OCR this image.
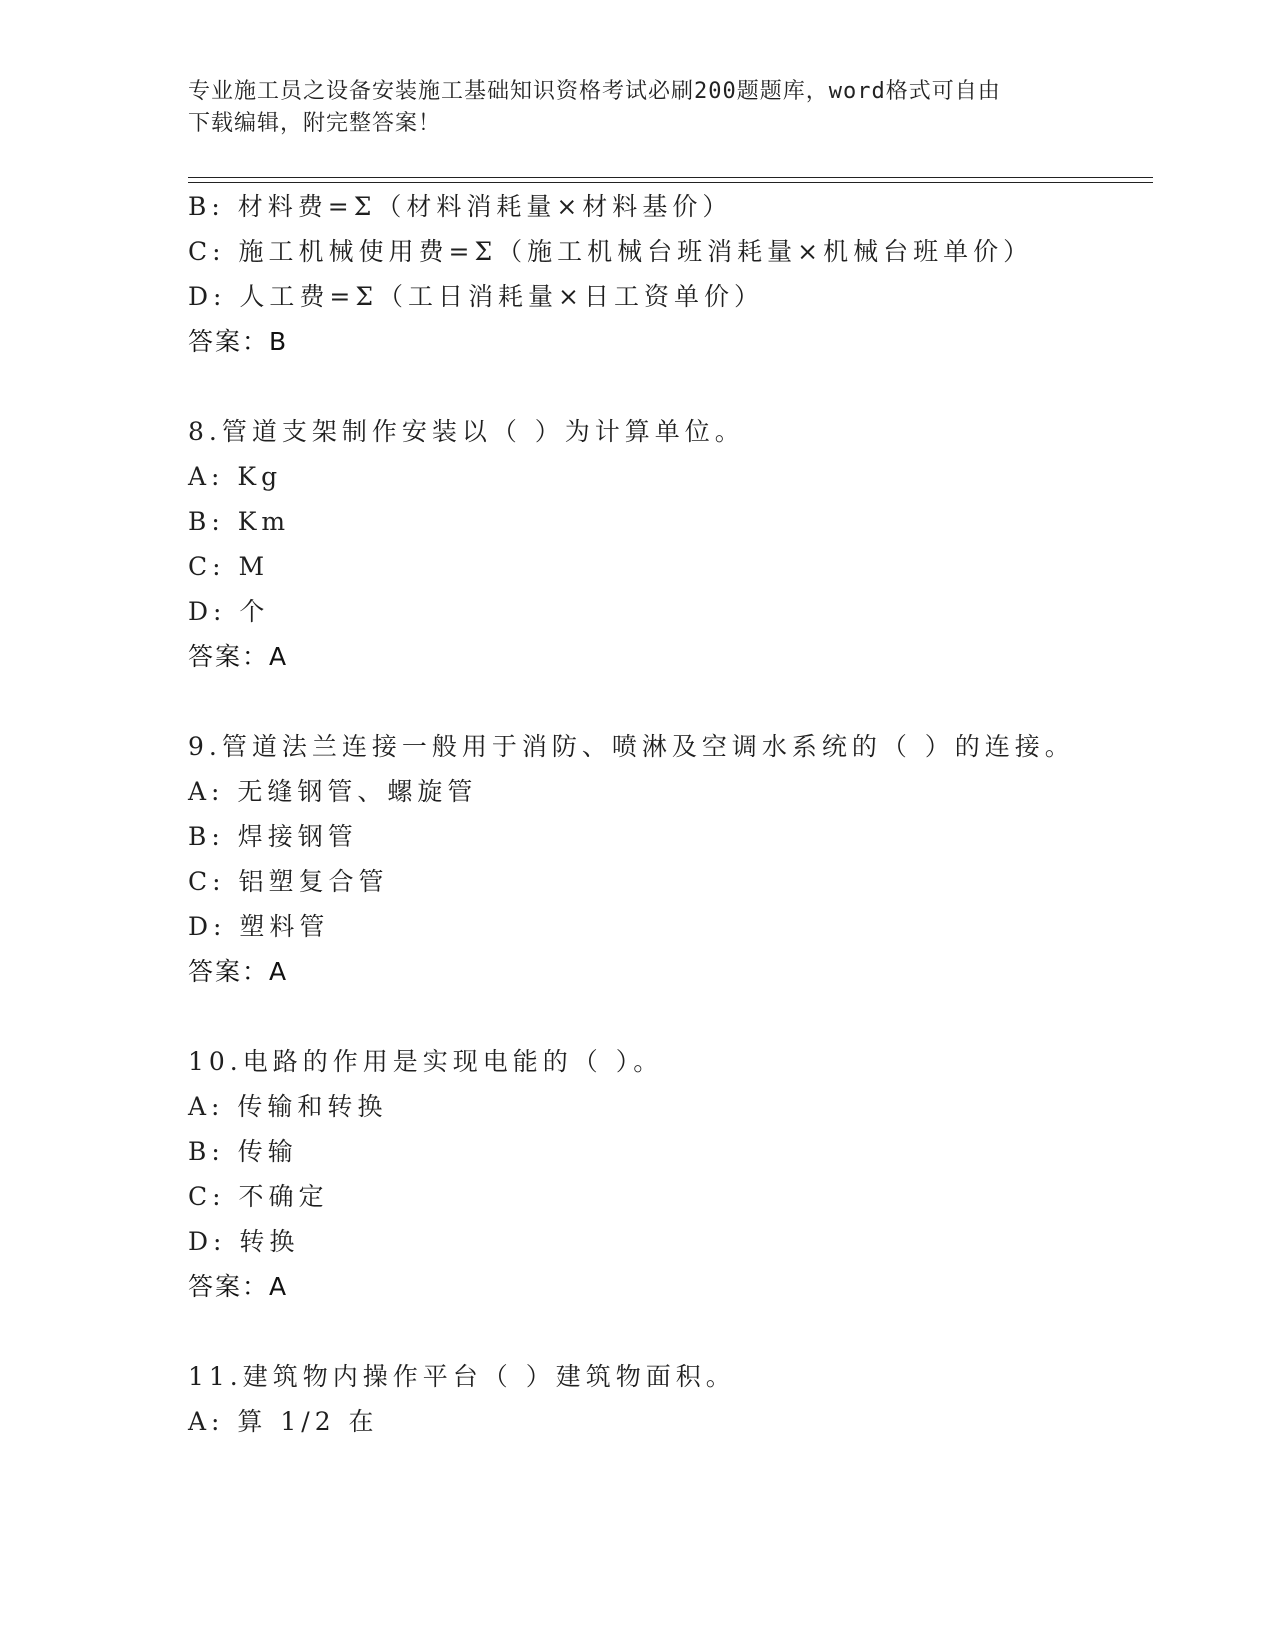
专业施工员之设备安装施工基础知识资格考试必刷200题题库，word格式可自由
下载编辑，附完整答案！
B: 材料费=Σ（材料消耗量×材料基价）
C: 施工机械使用费=Σ（施工机械台班消耗量×机械台班单价）
D: 人工费=Σ（工日消耗量×日工资单价）
答案：B
8.管道支架制作安装以（ ）为计算单位。
A: Kg
B: Km
C: M
D: 个
答案：A
9.管道法兰连接一般用于消防、喷淋及空调水系统的（ ）的连接。
A: 无缝钢管、螺旋管
B: 焊接钢管
C: 铝塑复合管
D: 塑料管
答案：A
10.电路的作用是实现电能的（ ）。
A: 传输和转换
B: 传输
C: 不确定
D: 转换
答案：A
11.建筑物内操作平台（ ）建筑物面积。
A: 算 1/2 在
